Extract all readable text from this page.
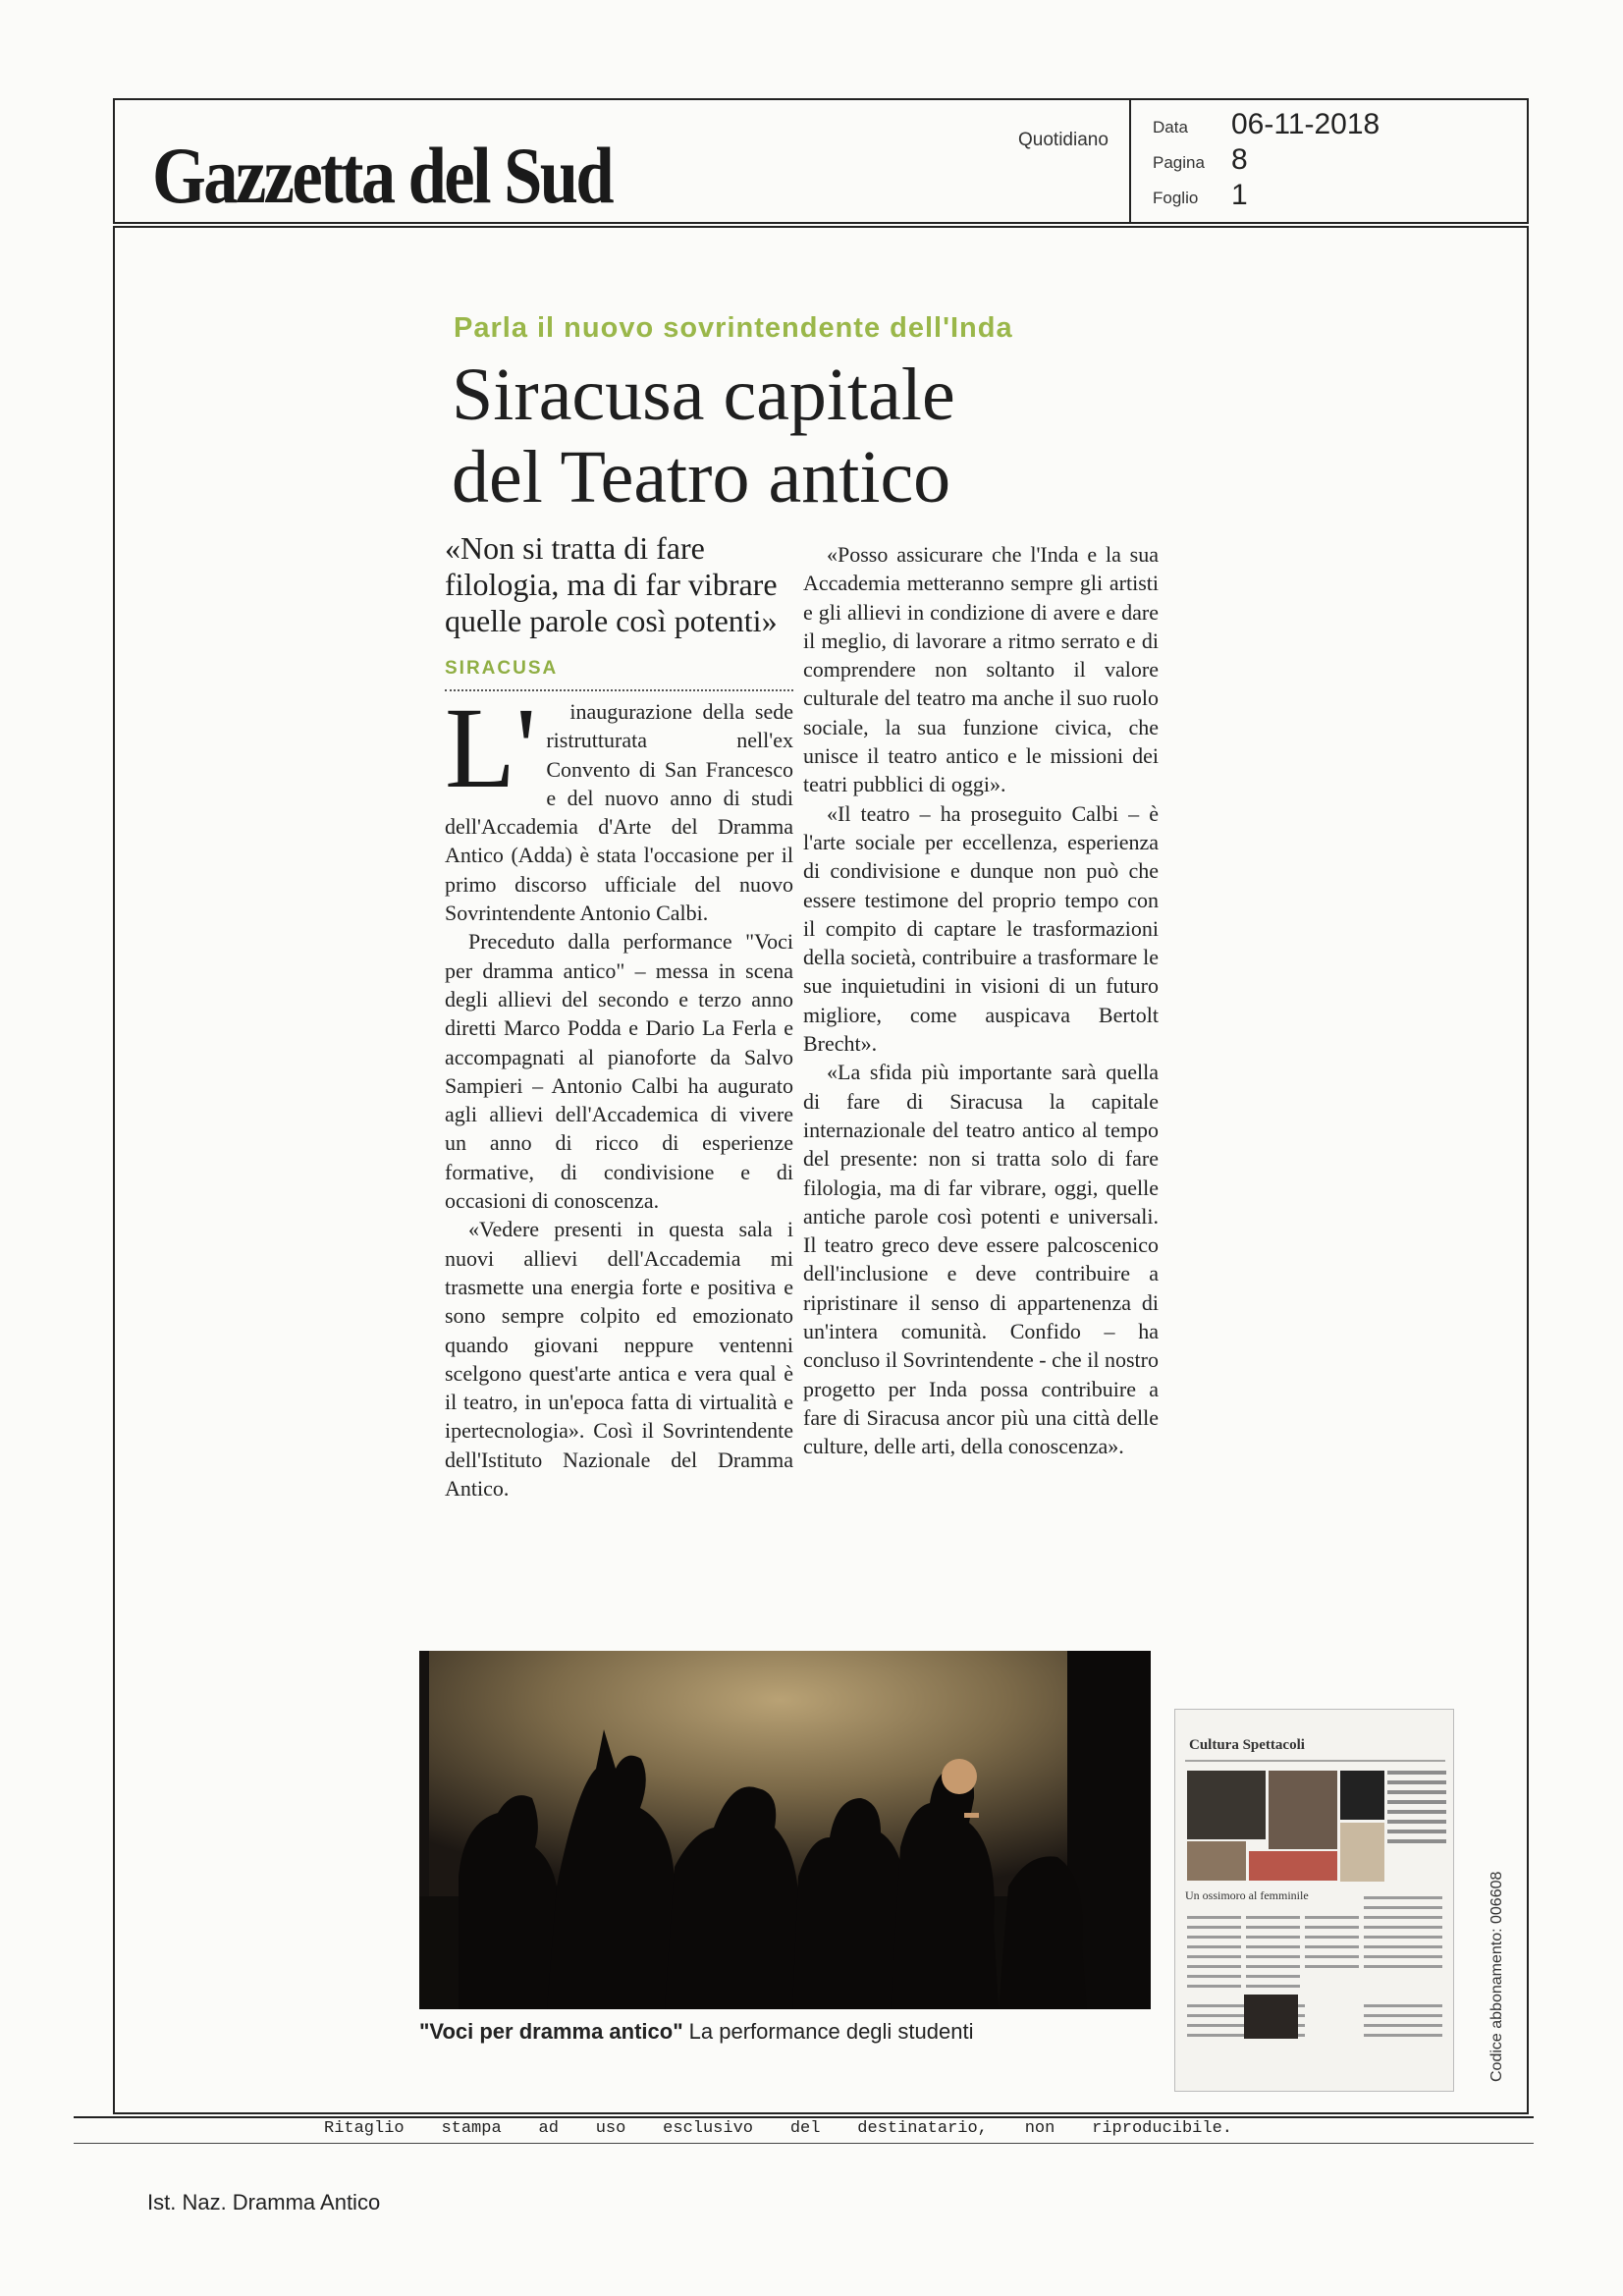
Gazzetta del Sud	Quotidiano
Data 06-11-2018
Pagina 8
Foglio 1
Parla il nuovo sovrintendente dell'Inda
Siracusa capitale
del Teatro antico
«Non si tratta di fare filologia, ma di far vibrare quelle parole così potenti»
SIRACUSA
L'	inaugurazione della sede ristrutturata nell'ex Convento di San Francesco e del nuovo anno di studi dell'Accademia d'Arte del Dramma Antico (Adda) è stata l'occasione per il primo discorso ufficiale del nuovo Sovrintendente Antonio Calbi.

Preceduto dalla performance "Voci per dramma antico" – messa in scena degli allievi del secondo e terzo anno diretti Marco Podda e Dario La Ferla e accompagnati al pianoforte da Salvo Sampieri – Antonio Calbi ha augurato agli allievi dell'Accademica di vivere un anno di ricco di esperienze formative, di condivisione e di occasioni di conoscenza.

«Vedere presenti in questa sala i nuovi allievi dell'Accademia mi trasmette una energia forte e positiva e sono sempre colpito ed emozionato quando giovani neppure ventenni scelgono quest'arte antica e vera qual è il teatro, in un'epoca fatta di virtualità e ipertecnologia». Così il Sovrintendente dell'Istituto Nazionale del Dramma Antico.

«Posso assicurare che l'Inda e la sua Accademia metteranno sempre gli artisti e gli allievi in condizione di avere e dare il meglio, di lavorare a ritmo serrato e di comprendere non soltanto il valore culturale del teatro ma anche il suo ruolo sociale, la sua funzione civica, che unisce il teatro antico e le missioni dei teatri pubblici di oggi».

«Il teatro – ha proseguito Calbi – è l'arte sociale per eccellenza, esperienza di condivisione e dunque non può che essere testimone del proprio tempo con il compito di captare le trasformazioni della società, contribuire a trasformare le sue inquietudini in visioni di un futuro migliore, come auspicava Bertolt Brecht».

«La sfida più importante sarà quella di fare di Siracusa la capitale internazionale del teatro antico al tempo del presente: non si tratta solo di fare filologia, ma di far vibrare, oggi, quelle antiche parole così potenti e universali. Il teatro greco deve essere palcoscenico dell'inclusione e deve contribuire a ripristinare il senso di appartenenza di un'intera comunità. Confido – ha concluso il Sovrintendente - che il nostro progetto per Inda possa contribuire a fare di Siracusa ancor più una città delle culture, delle arti, della conoscenza».

"Voci per dramma antico" La performance degli studenti
Cultura Spettacoli
Un ossimoro al femminile	Codice abbonamento: 006608
Ritaglio stampa ad uso esclusivo del destinatario, non riproducibile.
Ist. Naz. Dramma Antico
